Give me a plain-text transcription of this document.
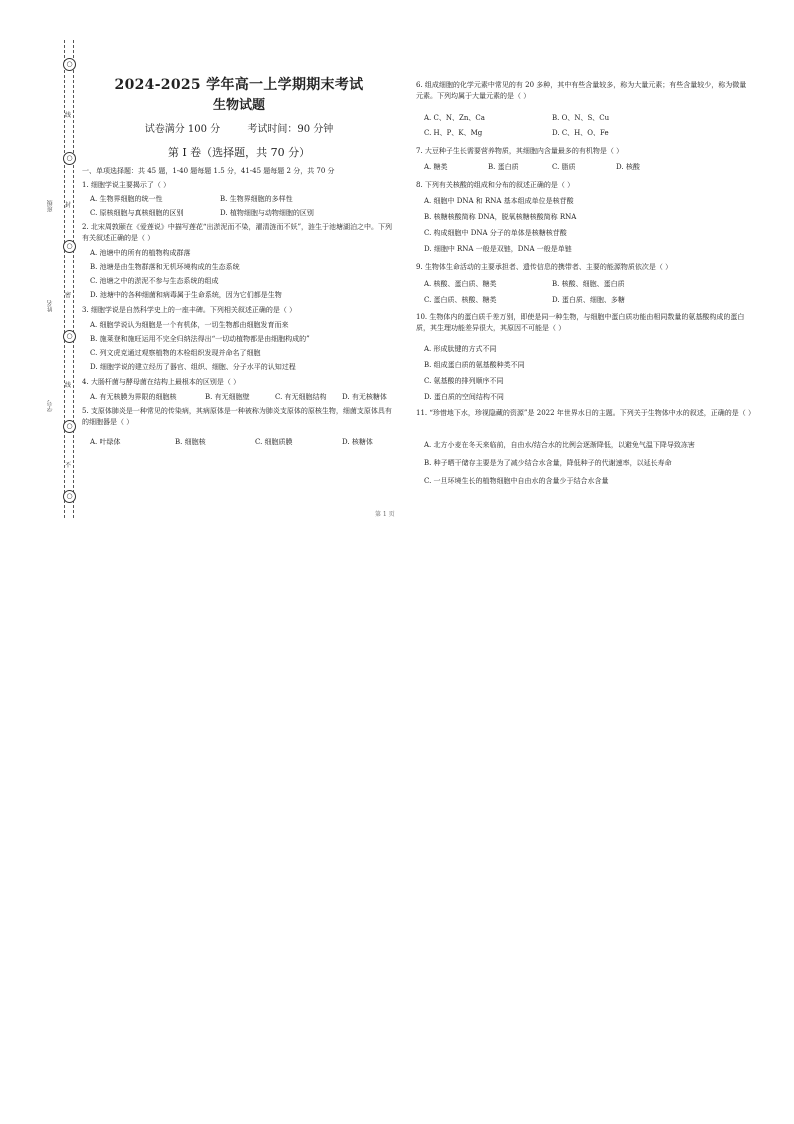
○
线
○
封
○
密
○
线
○
不
○
班级
姓名
学号
2024-2025 学年高一上学期期末考试
生物试题
试卷满分 100 分	考试时间：90 分钟
第 I 卷（选择题，共 70 分）
一、单项选择题：共 45 题，1-40 题每题 1.5 分，41-45 题每题 2 分，共 70 分
1. 细胞学说主要揭示了（ ）
A. 生物界细胞的统一性	B. 生物界细胞的多样性
C. 原核细胞与真核细胞的区别	D. 植物细胞与动物细胞的区别
2. 北宋周敦颐在《爱莲说》中描写莲花“出淤泥而不染，濯清涟而不妖”，涟生于池塘湖泊之中。下列有关叙述正确的是（ ）
A. 池塘中的所有的植物构成群落
B. 池塘是由生物群落和无机环境构成的生态系统
C. 池塘之中的淤泥不参与生态系统的组成
D. 池塘中的各种细菌和病毒属于生命系统，因为它们都是生物
3. 细胞学说是自然科学史上的一座丰碑。下列相关叙述正确的是（ ）
A. 细胞学说认为细胞是一个有机体，一切生物都由细胞发育而来
B. 施莱登和施旺运用不完全归纳法得出“一切动植物都是由细胞构成的”
C. 列文虎克通过观察植物的木栓组织发现并命名了细胞
D. 细胞学说的建立经历了器官、组织、细胞、分子水平的认知过程
4. 大肠杆菌与酵母菌在结构上最根本的区别是（ ）
A. 有无核膜为界限的细胞核	B. 有无细胞壁	C. 有无细胞结构 D. 有无核糖体
5. 支原体肺炎是一种常见的传染病，其病原体是一种被称为肺炎支原体的原核生物，细菌支原体具有的细胞器是（ ）
A. 叶绿体	B. 细胞核	C. 细胞质膜	D. 核糖体
6. 组成细胞的化学元素中常见的有 20 多种，其中有些含量较多，称为大量元素；有些含量较少，称为微量元素。下列均属于大量元素的是（ ）
A. C、N、Zn、Ca	B. O、N、S、Cu
C. H、P、K、Mg	D. C、H、O、Fe
7. 大豆种子生长需要营养物质，其细胞内含量最多的有机物是（ ）
A. 糖类	B. 蛋白质	C. 脂质	D. 核酸
8. 下列有关核酸的组成和分布的叙述正确的是（ ）
A. 细胞中 DNA 和 RNA 基本组成单位是核苷酸
B. 核糖核酸简称 DNA，脱氧核糖核酸简称 RNA
C. 构成细胞中 DNA 分子的单体是核糖核苷酸
D. 细胞中 RNA 一般是双链，DNA 一般是单链
9. 生物体生命活动的主要承担者、遗传信息的携带者、主要的能源物质依次是（ ）
A. 核酸、蛋白质、糖类	B. 核酸、细胞、蛋白质
C. 蛋白质、核酸、糖类	D. 蛋白质、细胞、多糖
10. 生物体内的蛋白质千差万别，即使是同一种生物，与细胞中蛋白质功能由相同数量的氨基酸构成的蛋白质，其生理功能差异很大，其原因不可能是（ ）
A. 形成肽键的方式不同
B. 组成蛋白质的氨基酸种类不同
C. 氨基酸的排列顺序不同
D. 蛋白质的空间结构不同
11. “珍惜地下水，珍视隐藏的资源”是 2022 年世界水日的主题。下列关于生物体中水的叙述，正确的是（ ）
A. 北方小麦在冬天来临前，自由水/结合水的比例会逐渐降低，以避免气温下降导致冻害
B. 种子晒干储存主要是为了减少结合水含量，降低种子的代谢速率，以延长寿命
C. 一旦环境生长的植物细胞中自由水的含量少于结合水含量
第 1 页
